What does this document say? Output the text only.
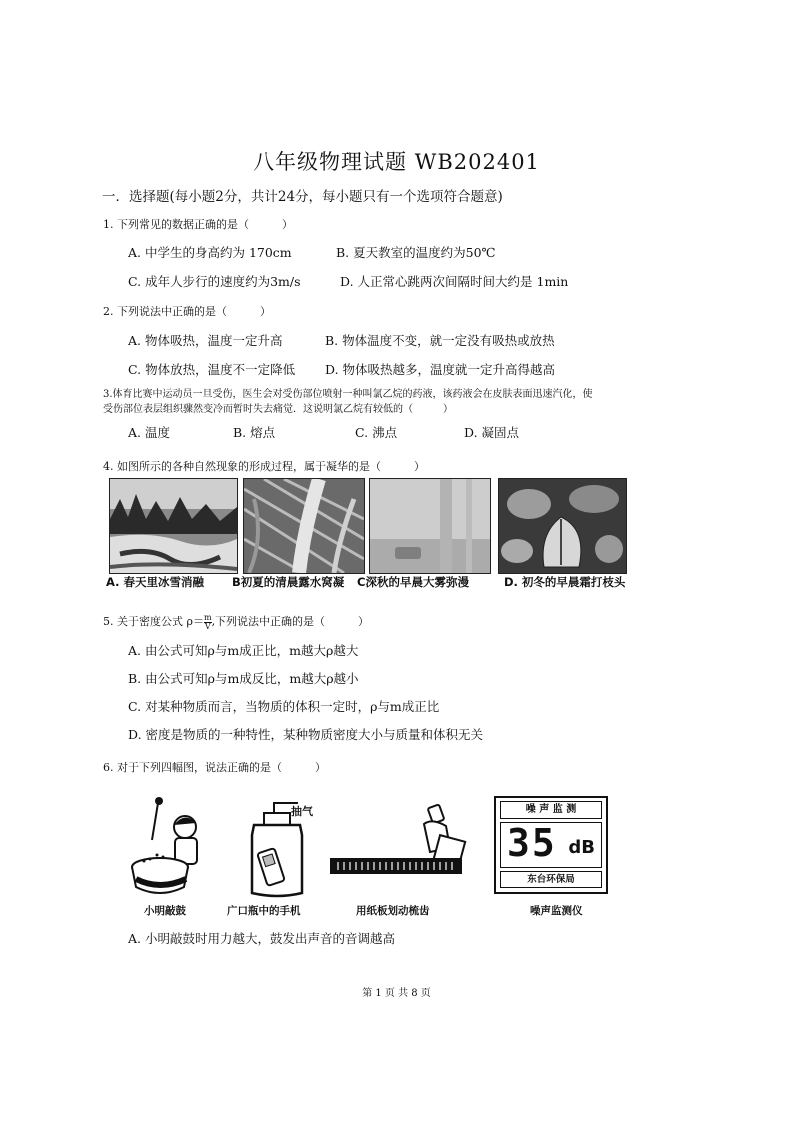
八年级物理试题 WB202401
一．选择题(每小题2分，共计24分，每小题只有一个选项符合题意)
1. 下列常见的数据正确的是（　　　）
A. 中学生的身高约为 170cm	B. 夏天教室的温度约为50℃
C. 成年人步行的速度约为3m/s	D. 人正常心跳两次间隔时间大约是 1min
2. 下列说法中正确的是（　　　）
A. 物体吸热，温度一定升高	B. 物体温度不变，就一定没有吸热或放热
C. 物体放热，温度不一定降低 D. 物体吸热越多，温度就一定升高得越高
3.体育比赛中运动员一旦受伤，医生会对受伤部位喷射一种叫氯乙烷的药液，该药液会在皮肤表面迅速汽化，使
受伤部位表层组织骤然变冷而暂时失去痛觉．这说明氯乙烷有较低的（　　　）
A. 温度	B. 熔点	C. 沸点	D. 凝固点
4. 如图所示的各种自然现象的形成过程，属于凝华的是（　　　）
A. 春天里冰雪消融 B初夏的清晨露水窝凝 C深秋的早晨大雾弥漫	D. 初冬的早晨霜打枝头
5. 关于密度公式 $\rho= \frac{m}{V}$ ,下列说法中正确的是（　　　）
A. 由公式可知ρ与m成正比，m越大ρ越大
B. 由公式可知ρ与m成反比，m越大ρ越小
C. 对某种物质而言，当物质的体积一定时，ρ与m成正比
D. 密度是物质的一种特性，某种物质密度大小与质量和体积无关
6. 对于下列四幅图，说法正确的是（　　　）
抽气	噪 声 监 测
35 dB
东台环保局
小明敲鼓	广口瓶中的手机	用纸板划动梳齿	噪声监测仪
A. 小明敲鼓时用力越大，鼓发出声音的音调越高
第 1 页 共 8 页
